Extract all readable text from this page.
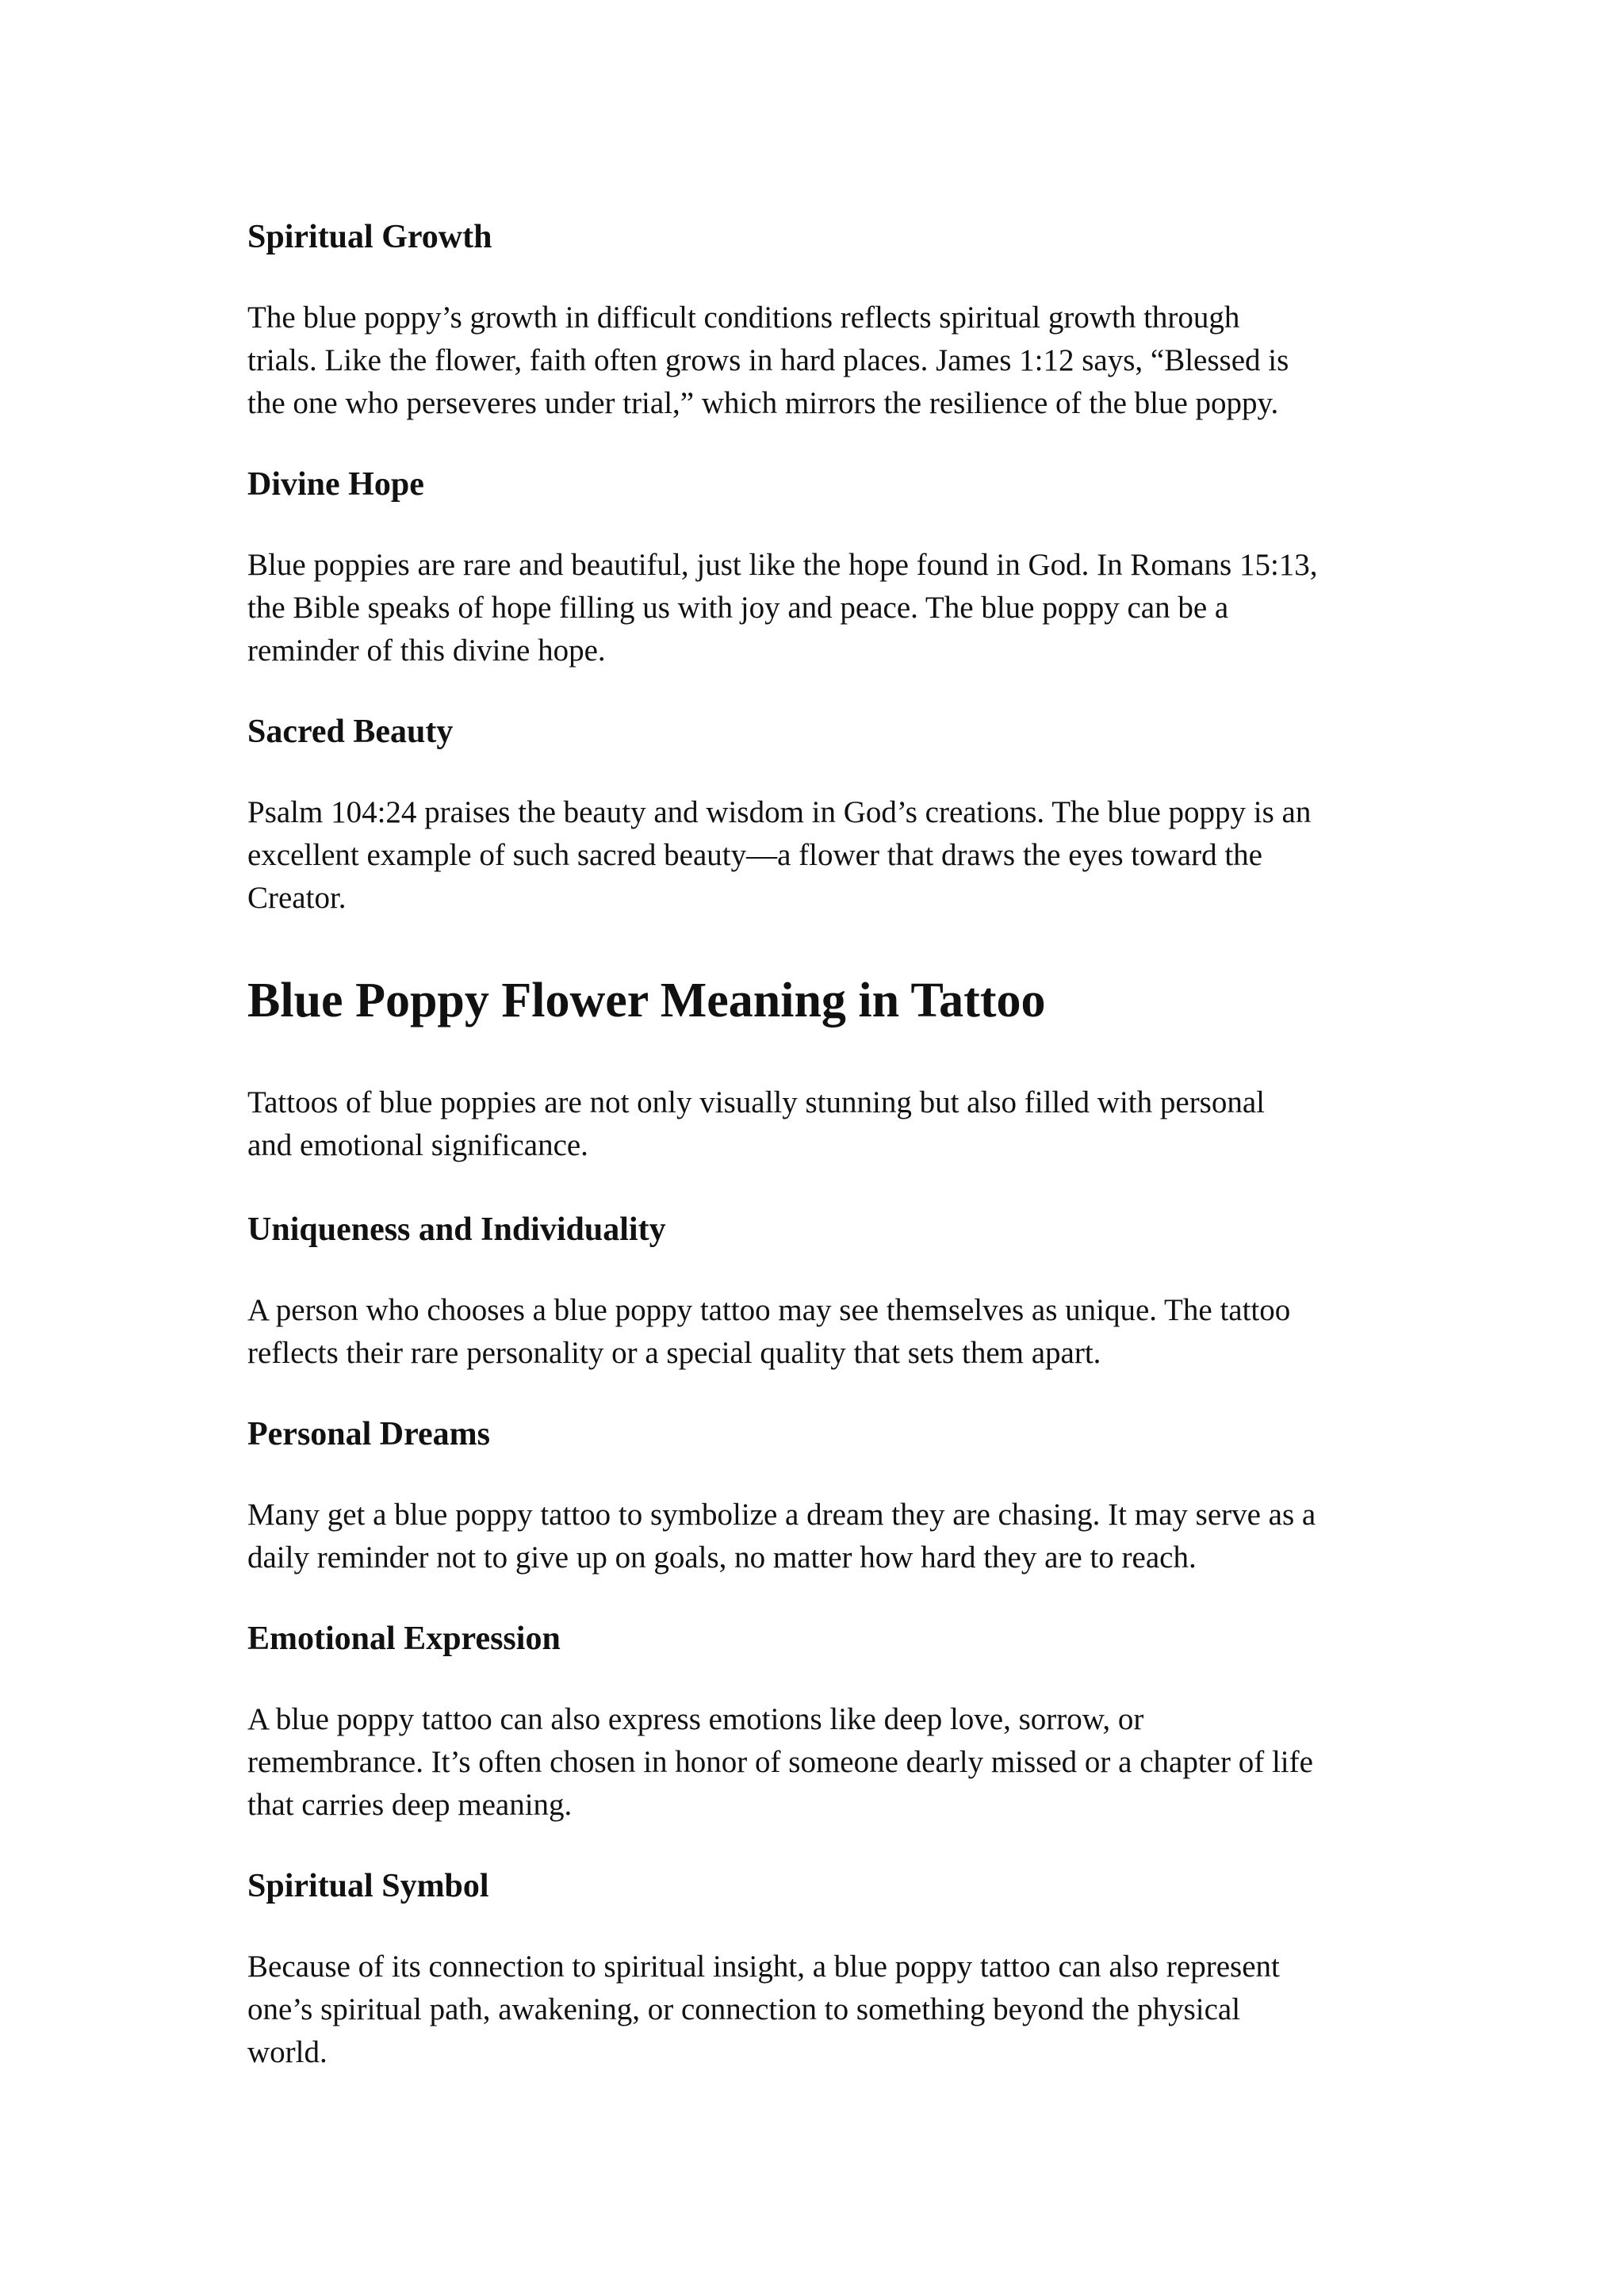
Spiritual Growth
The blue poppy’s growth in difficult conditions reflects spiritual growth through
trials. Like the flower, faith often grows in hard places. James 1:12 says, “Blessed is
the one who perseveres under trial,” which mirrors the resilience of the blue poppy.
Divine Hope
Blue poppies are rare and beautiful, just like the hope found in God. In Romans 15:13,
the Bible speaks of hope filling us with joy and peace. The blue poppy can be a
reminder of this divine hope.
Sacred Beauty
Psalm 104:24 praises the beauty and wisdom in God’s creations. The blue poppy is an
excellent example of such sacred beauty—a flower that draws the eyes toward the
Creator.
Blue Poppy Flower Meaning in Tattoo
Tattoos of blue poppies are not only visually stunning but also filled with personal
and emotional significance.
Uniqueness and Individuality
A person who chooses a blue poppy tattoo may see themselves as unique. The tattoo
reflects their rare personality or a special quality that sets them apart.
Personal Dreams
Many get a blue poppy tattoo to symbolize a dream they are chasing. It may serve as a
daily reminder not to give up on goals, no matter how hard they are to reach.
Emotional Expression
A blue poppy tattoo can also express emotions like deep love, sorrow, or
remembrance. It’s often chosen in honor of someone dearly missed or a chapter of life
that carries deep meaning.
Spiritual Symbol
Because of its connection to spiritual insight, a blue poppy tattoo can also represent
one’s spiritual path, awakening, or connection to something beyond the physical
world.
